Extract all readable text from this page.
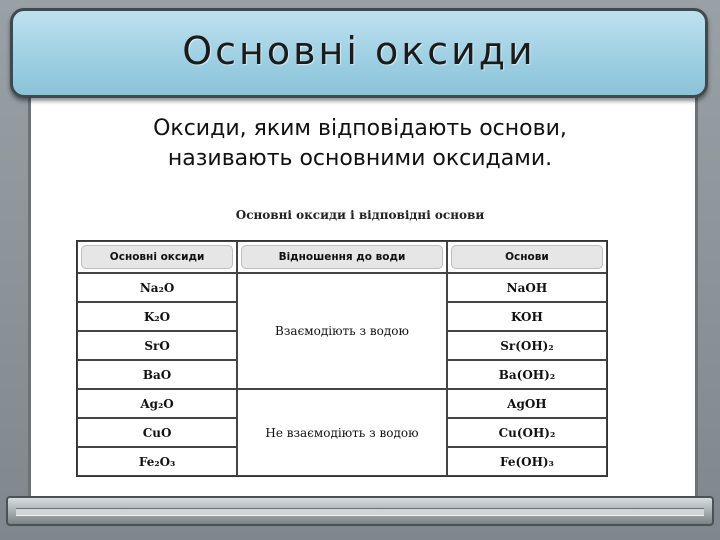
Основні оксиди
Оксиди, яким відповідають основи,
називають основними оксидами.
Основні оксиди і відповідні основи
Основні оксиди	Відношення до води	Основи

Na₂O	Взаємодіють з водою	NaOH
K₂O		KOH
SrO		Sr(OH)₂
BaO		Ba(OH)₂
Ag₂O	Не взаємодіють з водою	AgOH
CuO		Cu(OH)₂
Fe₂O₃		Fe(OH)₃
